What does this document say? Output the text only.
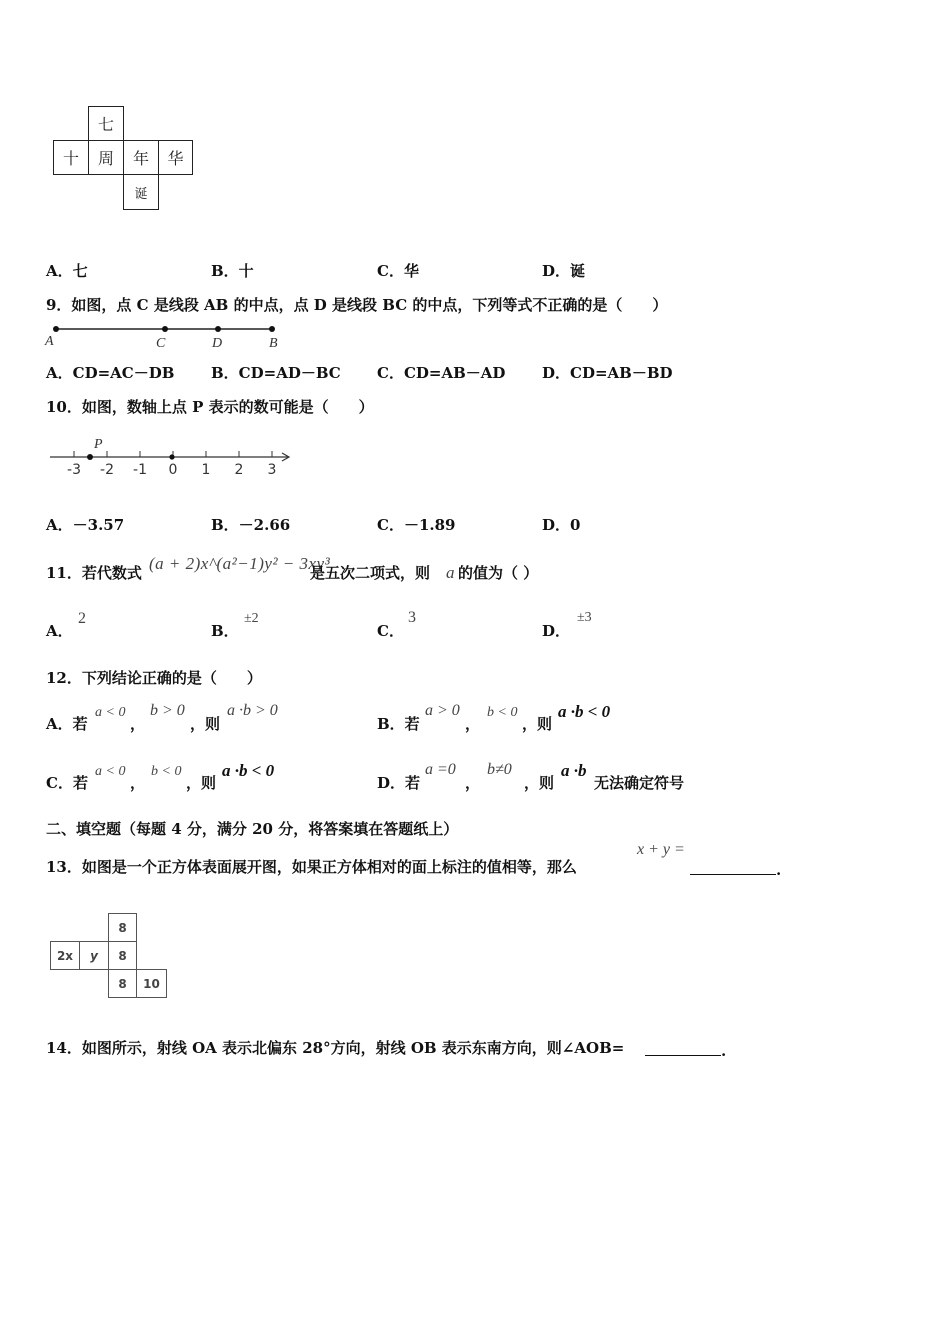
七
十	周	年	华
诞
A．七	B．十	C．华	D．诞
9．如图，点 C 是线段 AB 的中点，点 D 是线段 BC 的中点，下列等式不正确的是（　　）
A	C	D	B
A．CD=AC－DB B．CD=AD－BC C．CD=AB－AD D．CD=AB－BD
10．如图，数轴上点 P 表示的数可能是（　　）
-3 -2 -1 0 1 2 3
P
A．－3.57	B．－2.66	C．－1.89	D．0
11．若代数式 (a + 2)x^(a²−1)y² − 3xy³
是五次二项式，则 a 的值为（ ）
A．
2
B．
±2
C．
3
D．
±3
12．下列结论正确的是（　　）
A．若
a < 0
，
b > 0
，则
a ·b > 0
B．若
a > 0
，
b < 0
，则
a ·b < 0
C．若
a < 0
，
b < 0
，则
a ·b < 0
D．若
a =0
，
b≠0
，则
a ·b
无法确定符号
二、填空题（每题 4 分，满分 20 分，将答案填在答题纸上）
13．如图是一个正方体表面展开图，如果正方体相对的面上标注的值相等，那么
x + y =
.
8
2x	y	8
8	10
14．如图所示，射线 OA 表示北偏东 28°方向，射线 OB 表示东南方向，则∠AOB=	.
